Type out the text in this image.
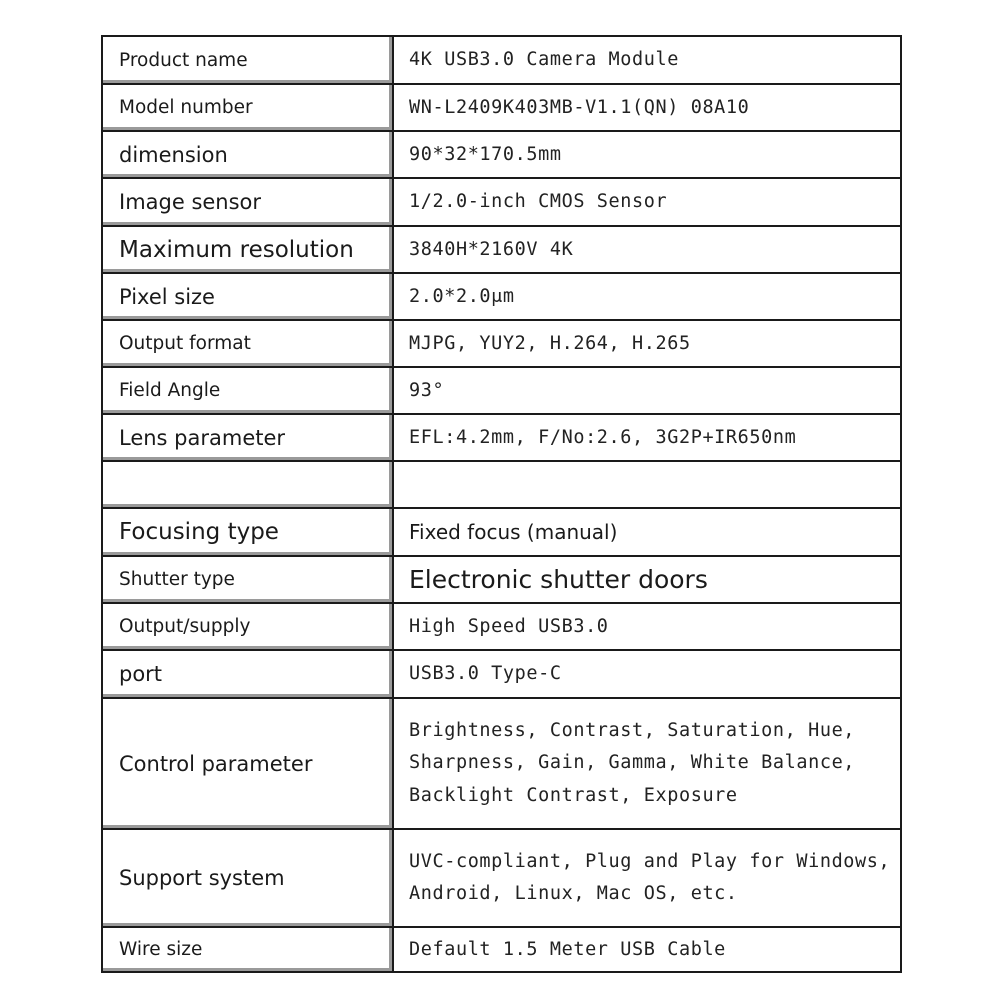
Product name	4K USB3.0 Camera Module
Model number	WN-L2409K403MB-V1.1(QN) 08A10
dimension	90*32*170.5mm
Image sensor	1/2.0-inch CMOS Sensor
Maximum resolution	3840H*2160V 4K
Pixel size	2.0*2.0μm
Output format	MJPG, YUY2, H.264, H.265
Field Angle	93°
Lens parameter	EFL:4.2mm, F/No:2.6, 3G2P+IR650nm

Focusing type	Fixed focus (manual)
Shutter type	Electronic shutter doors
Output/supply	High Speed USB3.0
port	USB3.0 Type-C
Control parameter	Brightness, Contrast, Saturation, Hue, Sharpness, Gain, Gamma, White Balance, Backlight Contrast, Exposure
Support system	UVC-compliant, Plug and Play for Windows, Android, Linux, Mac OS, etc.
Wire size	Default 1.5 Meter USB Cable
